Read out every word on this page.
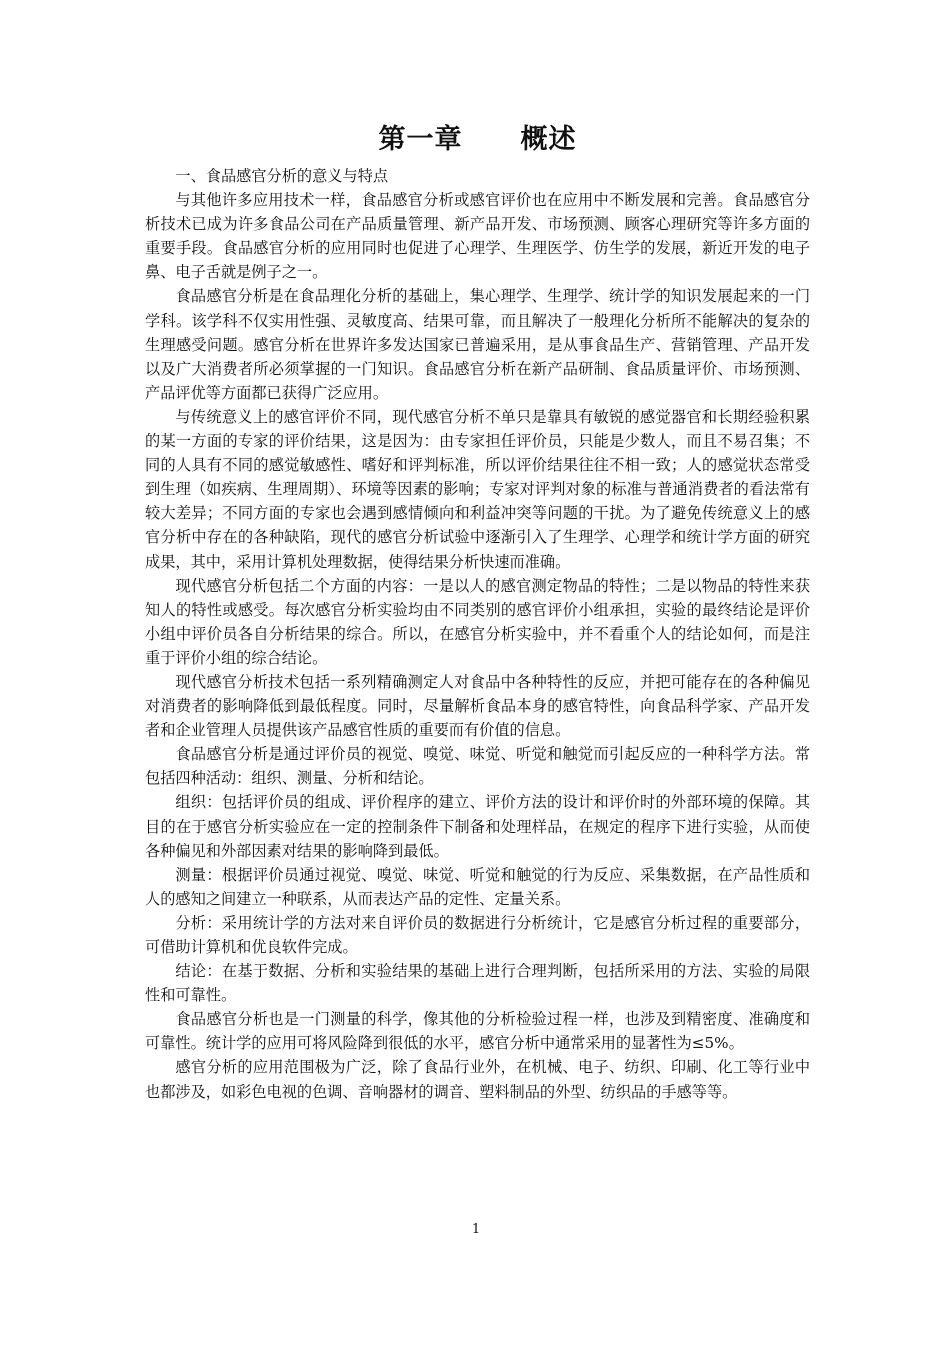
第一章 概述

一、食品感官分析的意义与特点

与其他许多应用技术一样，食品感官分析或感官评价也在应用中不断发展和完善。食品感官分析技术已成为许多食品公司在产品质量管理、新产品开发、市场预测、顾客心理研究等许多方面的重要手段。食品感官分析的应用同时也促进了心理学、生理医学、仿生学的发展，新近开发的电子鼻、电子舌就是例子之一。

食品感官分析是在食品理化分析的基础上，集心理学、生理学、统计学的知识发展起来的一门学科。该学科不仅实用性强、灵敏度高、结果可靠，而且解决了一般理化分析所不能解决的复杂的生理感受问题。感官分析在世界许多发达国家已普遍采用，是从事食品生产、营销管理、产品开发以及广大消费者所必须掌握的一门知识。食品感官分析在新产品研制、食品质量评价、市场预测、产品评优等方面都已获得广泛应用。

与传统意义上的感官评价不同，现代感官分析不单只是靠具有敏锐的感觉器官和长期经验积累的某一方面的专家的评价结果，这是因为：由专家担任评价员，只能是少数人，而且不易召集；不同的人具有不同的感觉敏感性、嗜好和评判标准，所以评价结果往往不相一致；人的感觉状态常受到生理（如疾病、生理周期）、环境等因素的影响；专家对评判对象的标准与普通消费者的看法常有较大差异；不同方面的专家也会遇到感情倾向和利益冲突等问题的干扰。为了避免传统意义上的感官分析中存在的各种缺陷，现代的感官分析试验中逐渐引入了生理学、心理学和统计学方面的研究成果，其中，采用计算机处理数据，使得结果分析快速而准确。

现代感官分析包括二个方面的内容：一是以人的感官测定物品的特性；二是以物品的特性来获知人的特性或感受。每次感官分析实验均由不同类别的感官评价小组承担，实验的最终结论是评价小组中评价员各自分析结果的综合。所以，在感官分析实验中，并不看重个人的结论如何，而是注重于评价小组的综合结论。

现代感官分析技术包括一系列精确测定人对食品中各种特性的反应，并把可能存在的各种偏见对消费者的影响降低到最低程度。同时，尽量解析食品本身的感官特性，向食品科学家、产品开发者和企业管理人员提供该产品感官性质的重要而有价值的信息。

食品感官分析是通过评价员的视觉、嗅觉、味觉、听觉和触觉而引起反应的一种科学方法。常包括四种活动：组织、测量、分析和结论。

组织：包括评价员的组成、评价程序的建立、评价方法的设计和评价时的外部环境的保障。其目的在于感官分析实验应在一定的控制条件下制备和处理样品，在规定的程序下进行实验，从而使各种偏见和外部因素对结果的影响降到最低。

测量：根据评价员通过视觉、嗅觉、味觉、听觉和触觉的行为反应、采集数据，在产品性质和人的感知之间建立一种联系，从而表达产品的定性、定量关系。

分析：采用统计学的方法对来自评价员的数据进行分析统计，它是感官分析过程的重要部分，可借助计算机和优良软件完成。

结论：在基于数据、分析和实验结果的基础上进行合理判断，包括所采用的方法、实验的局限性和可靠性。

食品感官分析也是一门测量的科学，像其他的分析检验过程一样，也涉及到精密度、准确度和可靠性。统计学的应用可将风险降到很低的水平，感官分析中通常采用的显著性为≤5%。

感官分析的应用范围极为广泛，除了食品行业外，在机械、电子、纺织、印刷、化工等行业中也都涉及，如彩色电视的色调、音响器材的调音、塑料制品的外型、纺织品的手感等等。

1
